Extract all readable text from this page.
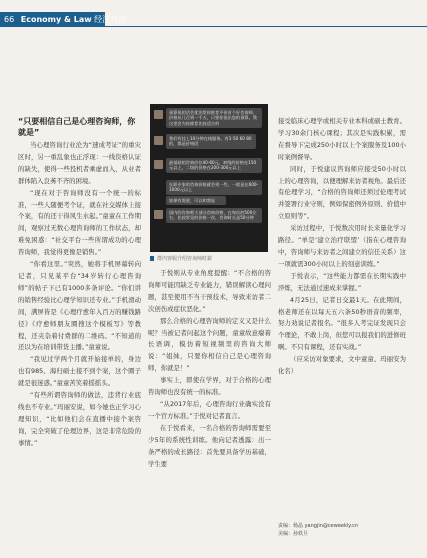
66 Economy & Law 经济与法
“只要相信自己是心理咨询师，你就是”

当心理咨询行业沦为“速成考证”的重灾区时，另一重乱象也正浮现：一线资格认证的缺失，使得一些投机者乘虚而入，从业者群体陷入良莠不齐的困境。

“现在对于咨询师没有一个统一的标准，一些人随便考个证，就在社交媒体上接个案，有的还干得风生水起。”童童在工作期间，观察过无数心理咨询师的工作状态，却难免困惑：“社交平台一些所谓成功的心理咨询师，我觉得更像是销售。”

“你看这里。”突然，她将手机屏幕转向记者，只见某平台“34岁转行心理咨询师”的帖子下已有1000多条评论。“你们讲的销售经验比心理学知识还专业。”手机滑动间，满屏皆是《心理疗愈年入百万的赚钱路径》《疗愈师朋友圈搜这个模板写》等教程，还夹杂着付费群的二维码。“不知道的还以为在培训带货主播。”童童说。

“我见过学两个月就开始接单的，身边也有985、海归硕士接不到个案，这个圈子就是很迷惑。”童童苦笑着摇摇头。

“有些所谓咨询师的做法，违背行业底线也不专业。”玛丽安说，如今她也正学习心理知识，“比如他们会在直播中接个案咨询，完全突破了伦理边界，这是非常危险的事情。”

预算低的话会优先给你推荐平价首个好咨询师，价格从几百到一千五，只要你说出您的预算。我这里会为你推荐比较适合的
我们有挂上10分钟在线服务。有1-50 60 80的，都是价格段
最基础的咨询价位40-60元，初级的价格在150元以上，二级的价格在200-300元以上
在职专家的咨询价格就会贵一些，一般是在600-1000元以上
如果有需要，可以和我说
国内的咨询师大部分咨询价格，在每次的500左右，比较常见的价格一次，咨询时长是50分钟
群内客服介绍咨询师时薪

于悦则从专业角度提醒：“不合格的咨询师可能因缺乏专业能力，错误解读心理问题，甚至使用不当干预技术，导致来访者二次创伤或症状恶化。”

那么合格的心理咨询师的定义又是什么呢？当被记者问起这个问题，童童故意瘪着长语调，模仿着短视频里的咨询大师说：“姐妹，只要你相信自己是心理咨询师，你就是！”

事实上，即使在学界，对于合格的心理咨询师也没有统一的标准。

“从2017年后，心理咨询行业确实没有一个官方标准。”于悦对记者直言。

在于悦看来，一名合格的咨询师需要至少5年的系统性训练。他向记者透露：出一条严格的成长路径：首先要具备学历基础，学生要

接受临床心理学或相关专业本科或硕士教育。学习30余门核心课程；其次是实践积累，需在督导下完成250小时以上个案服务及100小时案例督导。

同时，于悦建议咨询师应接受50小时以上的心理咨询，以便理解来访者视角。最后还有伦理学习，“合格的咨询师还须过伦理考试并签署行业守则，例如保密例外原则、价值中立原则等”。

采访过程中，于悦数次用时长来量化学习路径。“单是‘建立治疗联盟’（指在心理咨询中，咨询师与来访者之间建立的信任关系）这一项就需300小时以上的刻意训练。”

于悦表示，“这些能力都需在长期实践中淬炼，无法通过速成来掌握。”

4月25日，记者日交最1天。在此期间，格老师还在以每天五六条50秒语音的频率，努力劝说记者报名。“很多人考完证发现只会个理论，不敢上岗，但您可以报我们的进修班啊。不只有课程，还有实战。”

（应采访对象要求，文中童童、玛丽安为化名）

责编：杨晶 yangjin@ceweekly.cn
美编：孙轶旦
